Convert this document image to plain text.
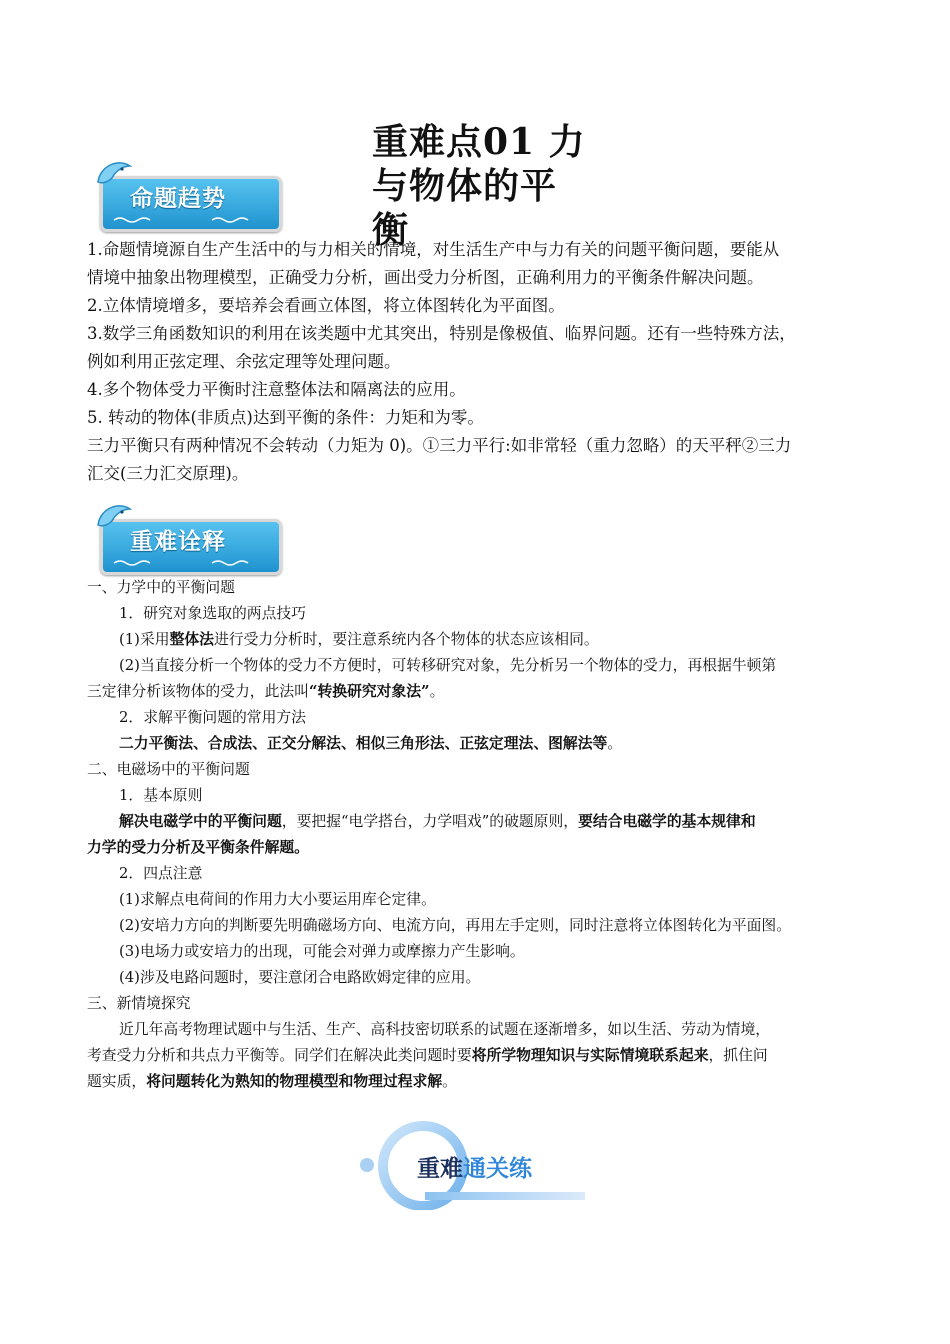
重难点01 力与物体的平衡
命题趋势
1.命题情境源自生产生活中的与力相关的情境，对生活生产中与力有关的问题平衡问题，要能从
情境中抽象出物理模型，正确受力分析，画出受力分析图，正确利用力的平衡条件解决问题。
2.立体情境增多，要培养会看画立体图，将立体图转化为平面图。
3.数学三角函数知识的利用在该类题中尤其突出，特别是像极值、临界问题。还有一些特殊方法，
例如利用正弦定理、余弦定理等处理问题。
4.多个物体受力平衡时注意整体法和隔离法的应用。
5. 转动的物体(非质点)达到平衡的条件：力矩和为零。
三力平衡只有两种情况不会转动（力矩为 0)。①三力平行:如非常轻（重力忽略）的天平秤②三力
汇交(三力汇交原理)。
重难诠释
一、力学中的平衡问题
1．研究对象选取的两点技巧
(1)采用整体法进行受力分析时，要注意系统内各个物体的状态应该相同。
(2)当直接分析一个物体的受力不方便时，可转移研究对象，先分析另一个物体的受力，再根据牛顿第
三定律分析该物体的受力，此法叫“转换研究对象法”。
2．求解平衡问题的常用方法
二力平衡法、合成法、正交分解法、相似三角形法、正弦定理法、图解法等。
二、电磁场中的平衡问题
1．基本原则
解决电磁学中的平衡问题，要把握“电学搭台，力学唱戏”的破题原则，要结合电磁学的基本规律和
力学的受力分析及平衡条件解题。
2．四点注意
(1)求解点电荷间的作用力大小要运用库仑定律。
(2)安培力方向的判断要先明确磁场方向、电流方向，再用左手定则，同时注意将立体图转化为平面图。
(3)电场力或安培力的出现，可能会对弹力或摩擦力产生影响。
(4)涉及电路问题时，要注意闭合电路欧姆定律的应用。
三、新情境探究
近几年高考物理试题中与生活、生产、高科技密切联系的试题在逐渐增多，如以生活、劳动为情境，
考查受力分析和共点力平衡等。同学们在解决此类问题时要将所学物理知识与实际情境联系起来，抓住问
题实质，将问题转化为熟知的物理模型和物理过程求解。
重难通关练
